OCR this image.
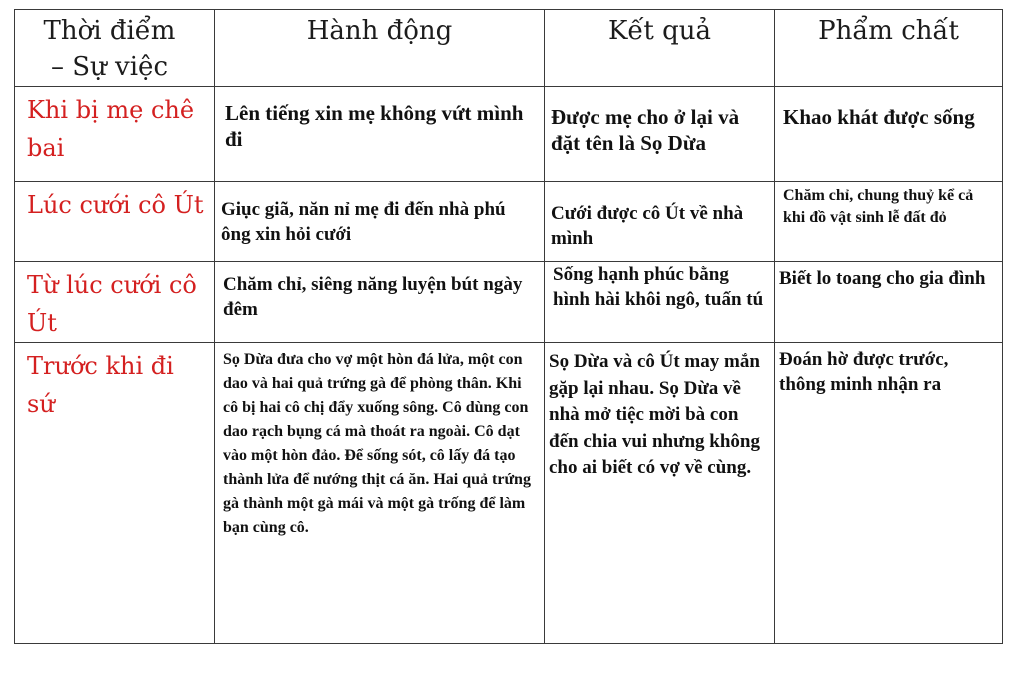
Thời điểm – Sự việc	Hành động	Kết quả	Phẩm chất
Khi bị mẹ chê bai	Lên tiếng xin mẹ không vứt mình đi	Được mẹ cho ở lại và đặt tên là Sọ Dừa	Khao khát được sống
Lúc cưới cô Út	Giục giã, năn nỉ mẹ đi đến nhà phú ông xin hỏi cưới	Cưới được cô Út về nhà mình	Chăm chỉ, chung thuỷ kể cả khi đồ vật sinh lễ đất đỏ
Từ lúc cưới cô Út	Chăm chỉ, siêng năng luyện bút ngày đêm	Sống hạnh phúc bằng hình hài khôi ngô, tuấn tú	Biết lo toang cho gia đình
Trước khi đi sứ	Sọ Dừa đưa cho vợ một hòn đá lửa, một con dao và hai quả trứng gà để phòng thân. Khi cô bị hai cô chị đẩy xuống sông. Cô dùng con dao rạch bụng cá mà thoát ra ngoài. Cô dạt vào một hòn đảo. Để sống sót, cô lấy đá tạo thành lửa để nướng thịt cá ăn. Hai quả trứng gà thành một gà mái và một gà trống để làm bạn cùng cô.	Sọ Dừa và cô Út may mắn gặp lại nhau. Sọ Dừa về nhà mở tiệc mời bà con đến chia vui nhưng không cho ai biết có vợ về cùng.	Đoán hờ được trước, thông minh nhận ra
